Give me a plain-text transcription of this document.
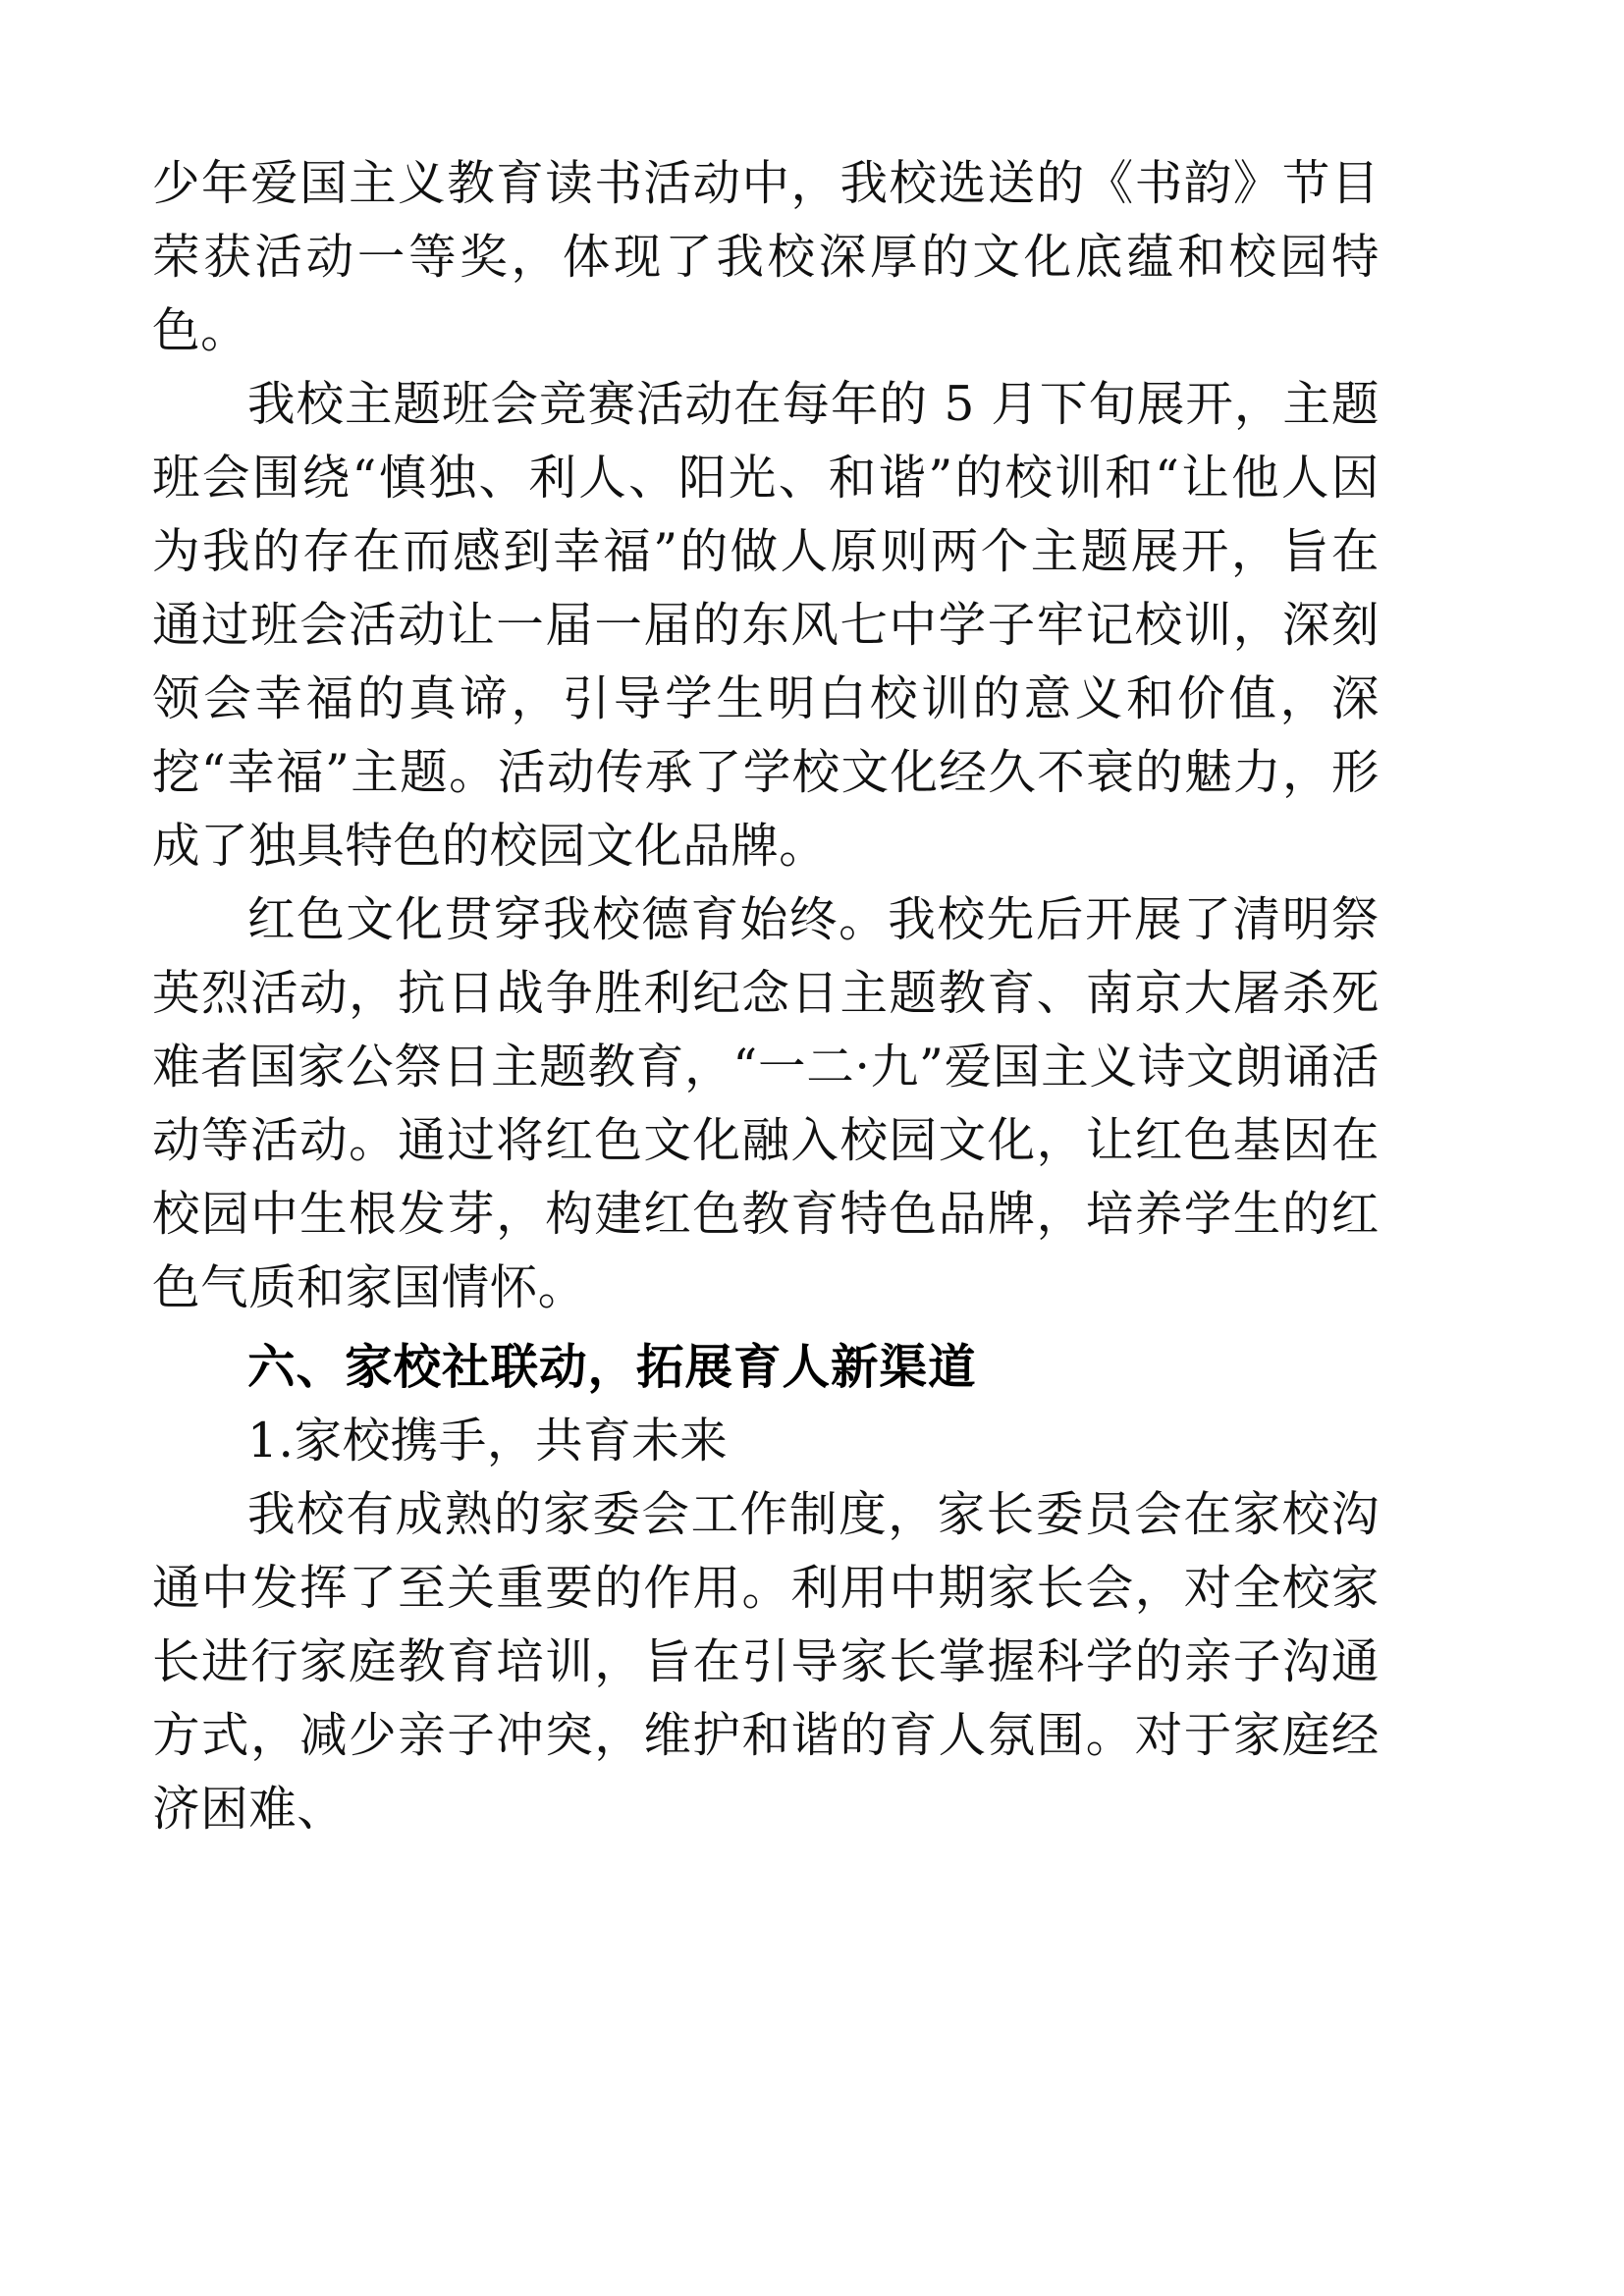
少年爱国主义教育读书活动中，我校选送的《书韵》节目荣获活动一等奖，体现了我校深厚的文化底蕴和校园特色。

我校主题班会竞赛活动在每年的 5 月下旬展开，主题班会围绕“慎独、利人、阳光、和谐”的校训和“让他人因为我的存在而感到幸福”的做人原则两个主题展开，旨在通过班会活动让一届一届的东风七中学子牢记校训，深刻领会幸福的真谛，引导学生明白校训的意义和价值，深挖“幸福”主题。活动传承了学校文化经久不衰的魅力，形成了独具特色的校园文化品牌。

红色文化贯穿我校德育始终。我校先后开展了清明祭英烈活动，抗日战争胜利纪念日主题教育、南京大屠杀死难者国家公祭日主题教育，“一二·九”爱国主义诗文朗诵活动等活动。通过将红色文化融入校园文化，让红色基因在校园中生根发芽，构建红色教育特色品牌，培养学生的红色气质和家国情怀。

六、家校社联动，拓展育人新渠道

1.家校携手，共育未来

我校有成熟的家委会工作制度，家长委员会在家校沟通中发挥了至关重要的作用。利用中期家长会，对全校家长进行家庭教育培训，旨在引导家长掌握科学的亲子沟通方式，减少亲子冲突，维护和谐的育人氛围。对于家庭经济困难、
